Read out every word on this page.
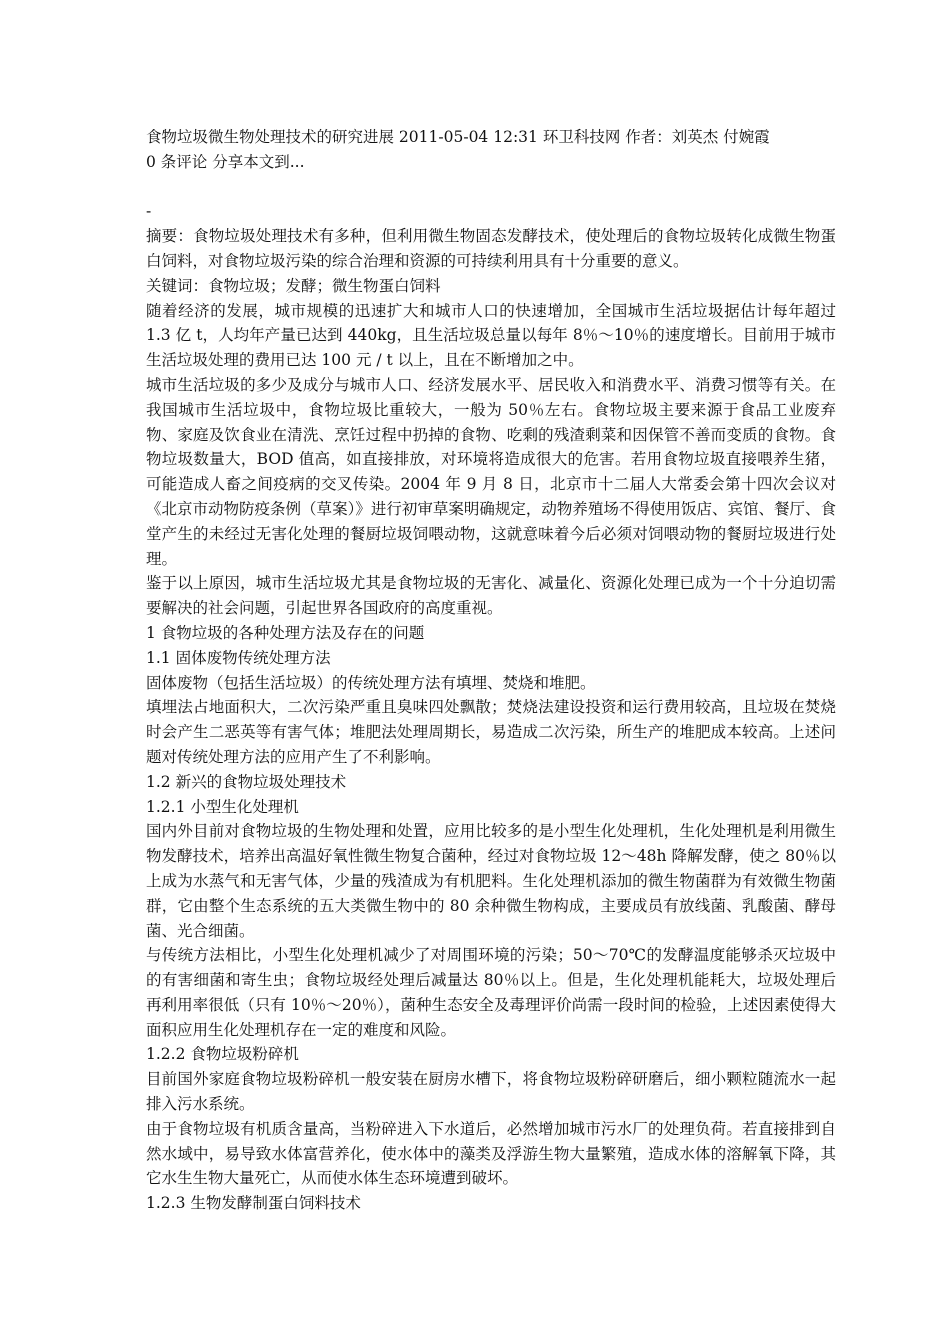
食物垃圾微生物处理技术的研究进展 2011-05-04 12:31 环卫科技网 作者：刘英杰 付婉霞

0 条评论 分享本文到...

-

摘要：食物垃圾处理技术有多种，但利用微生物固态发酵技术，使处理后的食物垃圾转化成微生物蛋白饲料，对食物垃圾污染的综合治理和资源的可持续利用具有十分重要的意义。

关键词：食物垃圾；发酵；微生物蛋白饲料

随着经济的发展，城市规模的迅速扩大和城市人口的快速增加，全国城市生活垃圾据估计每年超过 1.3 亿 t，人均年产量已达到 440kg，且生活垃圾总量以每年 8％～10％的速度增长。目前用于城市生活垃圾处理的费用已达 100 元 / t 以上，且在不断增加之中。

城市生活垃圾的多少及成分与城市人口、经济发展水平、居民收入和消费水平、消费习惯等有关。在我国城市生活垃圾中，食物垃圾比重较大，一般为 50％左右。食物垃圾主要来源于食品工业废弃物、家庭及饮食业在清洗、烹饪过程中扔掉的食物、吃剩的残渣剩菜和因保管不善而变质的食物。食物垃圾数量大，BOD 值高，如直接排放，对环境将造成很大的危害。若用食物垃圾直接喂养生猪，可能造成人畜之间疫病的交叉传染。2004 年 9 月 8 日，北京市十二届人大常委会第十四次会议对《北京市动物防疫条例（草案）》进行初审草案明确规定，动物养殖场不得使用饭店、宾馆、餐厅、食堂产生的未经过无害化处理的餐厨垃圾饲喂动物，这就意味着今后必须对饲喂动物的餐厨垃圾进行处理。

鉴于以上原因，城市生活垃圾尤其是食物垃圾的无害化、减量化、资源化处理已成为一个十分迫切需要解决的社会问题，引起世界各国政府的高度重视。

1 食物垃圾的各种处理方法及存在的问题

1.1 固体废物传统处理方法

固体废物（包括生活垃圾）的传统处理方法有填埋、焚烧和堆肥。

填埋法占地面积大，二次污染严重且臭味四处飘散；焚烧法建设投资和运行费用较高，且垃圾在焚烧时会产生二恶英等有害气体；堆肥法处理周期长，易造成二次污染，所生产的堆肥成本较高。上述问题对传统处理方法的应用产生了不利影响。

1.2 新兴的食物垃圾处理技术

1.2.1 小型生化处理机

国内外目前对食物垃圾的生物处理和处置，应用比较多的是小型生化处理机，生化处理机是利用微生物发酵技术，培养出高温好氧性微生物复合菌种，经过对食物垃圾 12～48h 降解发酵，使之 80％以上成为水蒸气和无害气体，少量的残渣成为有机肥料。生化处理机添加的微生物菌群为有效微生物菌群，它由整个生态系统的五大类微生物中的 80 余种微生物构成，主要成员有放线菌、乳酸菌、酵母菌、光合细菌。

与传统方法相比，小型生化处理机减少了对周围环境的污染；50～70℃的发酵温度能够杀灭垃圾中的有害细菌和寄生虫；食物垃圾经处理后减量达 80％以上。但是，生化处理机能耗大，垃圾处理后再利用率很低（只有 10％～20％），菌种生态安全及毒理评价尚需一段时间的检验，上述因素使得大面积应用生化处理机存在一定的难度和风险。

1.2.2 食物垃圾粉碎机

目前国外家庭食物垃圾粉碎机一般安装在厨房水槽下，将食物垃圾粉碎研磨后，细小颗粒随流水一起排入污水系统。

由于食物垃圾有机质含量高，当粉碎进入下水道后，必然增加城市污水厂的处理负荷。若直接排到自然水域中，易导致水体富营养化，使水体中的藻类及浮游生物大量繁殖，造成水体的溶解氧下降，其它水生生物大量死亡，从而使水体生态环境遭到破坏。

1.2.3 生物发酵制蛋白饲料技术
